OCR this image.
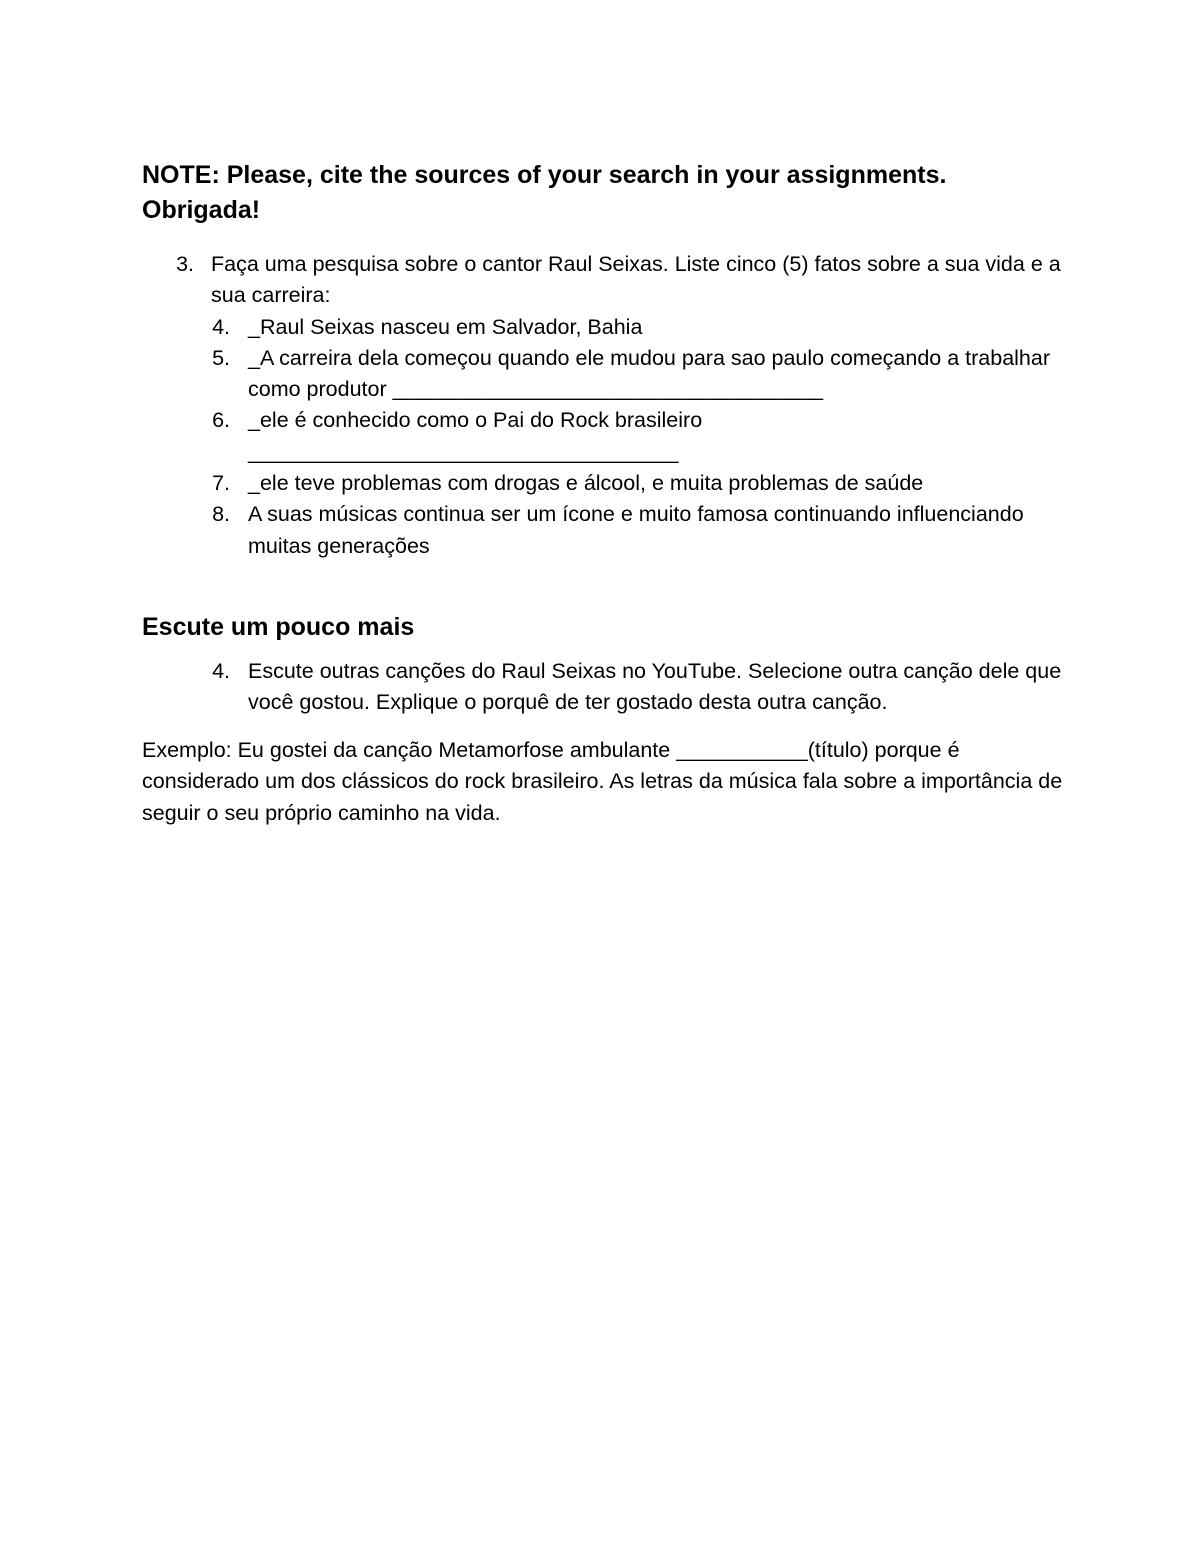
NOTE: Please, cite the sources of your search in your assignments.
Obrigada!
3. Faça uma pesquisa sobre o cantor Raul Seixas. Liste cinco (5) fatos sobre a sua vida e a sua carreira:
4. _Raul Seixas nasceu em Salvador, Bahia
5. _A carreira dela começou quando ele mudou para sao paulo começando a trabalhar como produtor ____________________________________
6. _ele é conhecido como o Pai do Rock brasileiro ____________________________________
7. _ele teve problemas com drogas e álcool, e muita problemas de saúde
8. A suas músicas continua ser um ícone e muito famosa continuando influenciando muitas generações
Escute um pouco mais
4. Escute outras canções do Raul Seixas no YouTube. Selecione outra canção dele que você gostou. Explique o porquê de ter gostado desta outra canção.

Exemplo: Eu gostei da canção Metamorfose ambulante ___________(título) porque é considerado um dos clássicos do rock brasileiro. As letras da música fala sobre a importância de seguir o seu próprio caminho na vida.
